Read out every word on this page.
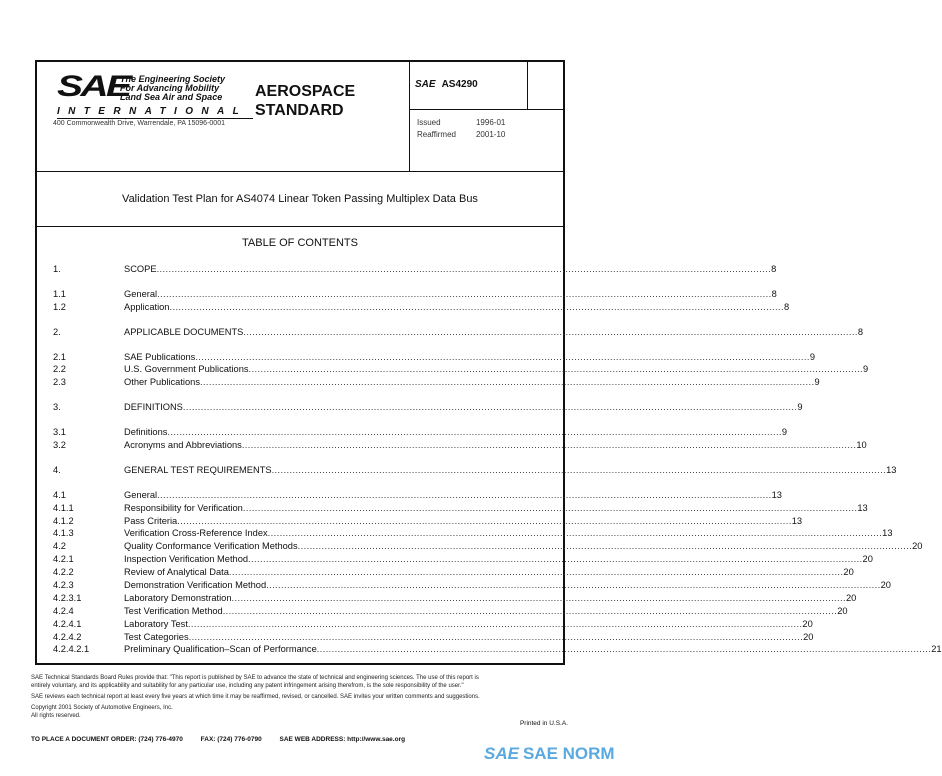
SAE
The Engineering Society
For Advancing Mobility
Land Sea Air and Space
INTERNATIONAL
400 Commonwealth Drive, Warrendale, PA 15096-0001
AEROSPACE
STANDARD
SAE AS4290
Issued	1996-01
Reaffirmed	2001-10
Validation Test Plan for AS4074 Linear Token Passing Multiplex Data Bus
TABLE OF CONTENTS
1.	SCOPE .....	8
1.1	General .....	8
1.2	Application .....	8
2.	APPLICABLE DOCUMENTS .....	8
2.1	SAE Publications .....	9
2.2	U.S. Government Publications .....	9
2.3	Other Publications .....	9
3.	DEFINITIONS .....	9
3.1	Definitions .....	9
3.2	Acronyms and Abbreviations .....	10
4.	GENERAL TEST REQUIREMENTS .....	13
4.1	General .....	13
4.1.1	Responsibility for Verification .....	13
4.1.2	Pass Criteria .....	13
4.1.3	Verification Cross-Reference Index .....	13
4.2	Quality Conformance Verification Methods .....	20
4.2.1	Inspection Verification Method .....	20
4.2.2	Review of Analytical Data .....	20
4.2.3	Demonstration Verification Method .....	20
4.2.3.1	Laboratory Demonstration .....	20
4.2.4	Test Verification Method .....	20
4.2.4.1	Laboratory Test .....	20
4.2.4.2	Test Categories .....	20
4.2.4.2.1	Preliminary Qualification–Scan of Performance .....	21

SAE Technical Standards Board Rules provide that: "This report is published by SAE to advance the state of technical and engineering sciences. The use of this report is entirely voluntary, and its applicability and suitability for any particular use, including any patent infringement arising therefrom, is the sole responsibility of the user."

SAE reviews each technical report at least every five years at which time it may be reaffirmed, revised, or cancelled. SAE invites your written comments and suggestions.

Copyright 2001 Society of Automotive Engineers, Inc.
All rights reserved.
Printed in U.S.A.
TO PLACE A DOCUMENT ORDER: (724) 776-4970	FAX: (724) 776-0790	SAE WEB ADDRESS: http://www.sae.org
SAE SAE NORM
